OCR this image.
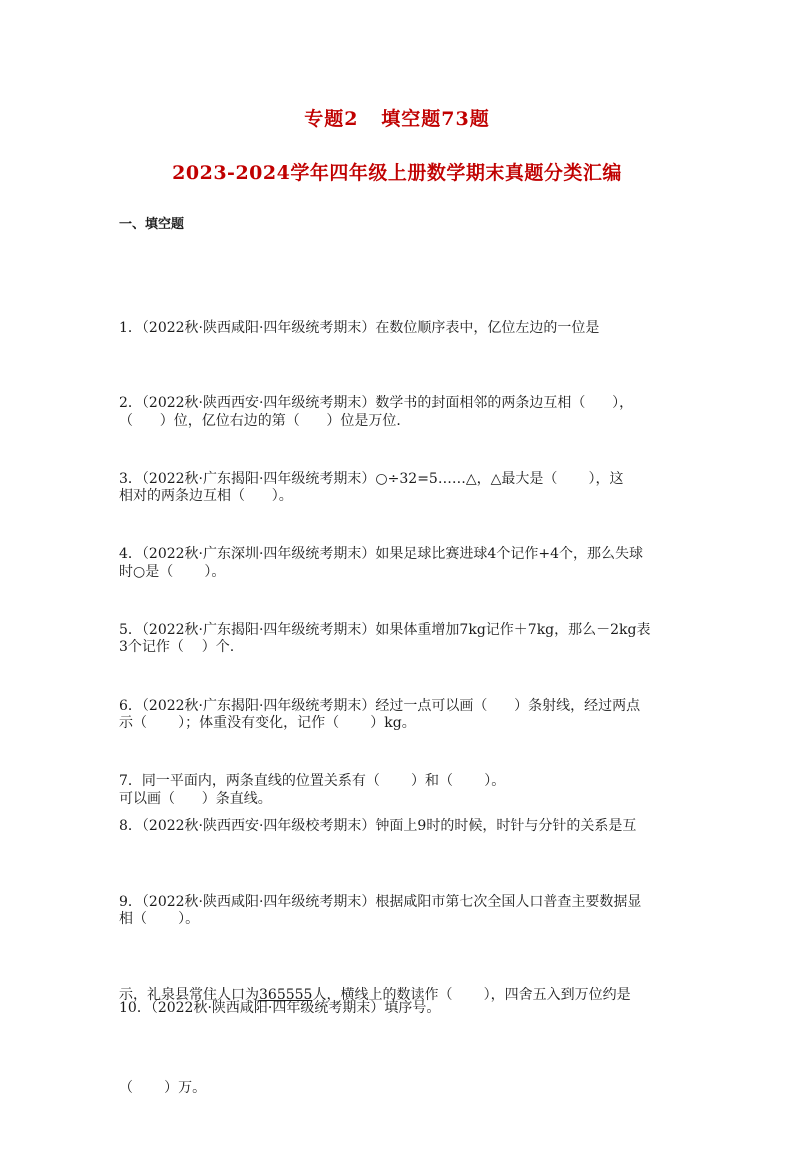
专题2   填空题73题
2023-2024学年四年级上册数学期末真题分类汇编
一、填空题

1．（2022秋·陕西咸阳·四年级统考期末）在数位顺序表中，亿位左边的一位是

（      ）位，亿位右边的第（      ）位是万位．

2．（2022秋·陕西西安·四年级统考期末）数学书的封面相邻的两条边互相（      ），

相对的两条边互相（      ）。

3．（2022秋·广东揭阳·四年级统考期末）○÷32=5……△，△最大是（       ），这

时○是（       ）。

4．（2022秋·广东深圳·四年级统考期末）如果足球比赛进球4个记作+4个，那么失球

3个记作（    ）个.

5．（2022秋·广东揭阳·四年级统考期末）如果体重增加7kg记作＋7kg，那么－2kg表

示（       ）；体重没有变化，记作（       ）kg。

6．（2022秋·广东揭阳·四年级统考期末）经过一点可以画（      ）条射线，经过两点

可以画（      ）条直线。

7．同一平面内，两条直线的位置关系有（       ）和（       ）。

8．（2022秋·陕西西安·四年级校考期末）钟面上9时的时候，时针与分针的关系是互

相（       ）。

9．（2022秋·陕西咸阳·四年级统考期末）根据咸阳市第七次全国人口普查主要数据显

示，礼泉县常住人口为365555人，横线上的数读作（       ），四舍五入到万位约是

（       ）万。

10．（2022秋·陕西咸阳·四年级统考期末）填序号。
